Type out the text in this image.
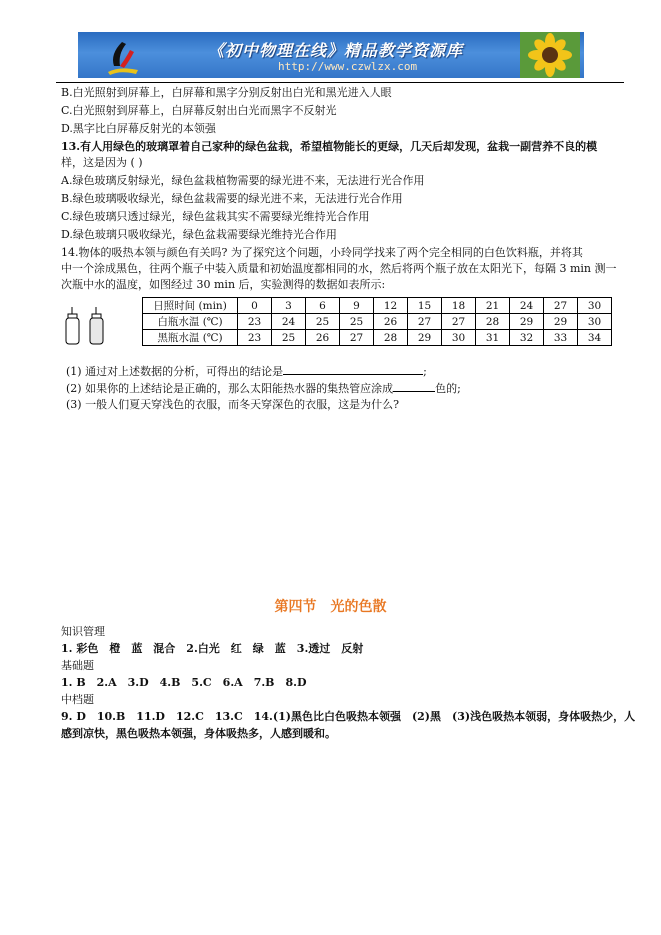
《初中物理在线》精品教学资源库
http://www.czwlzx.com
B.白光照射到屏幕上，白屏幕和黑字分别反射出白光和黑光进入人眼
C.白光照射到屏幕上，白屏幕反射出白光而黑字不反射光
D.黑字比白屏幕反射光的本领强
13.有人用绿色的玻璃罩着自己家种的绿色盆栽，希望植物能长的更绿，几天后却发现，盆栽一副营养不良的模
样，这是因为 ( )
A.绿色玻璃反射绿光，绿色盆栽植物需要的绿光进不来，无法进行光合作用
B.绿色玻璃吸收绿光，绿色盆栽需要的绿光进不来，无法进行光合作用
C.绿色玻璃只透过绿光，绿色盆栽其实不需要绿光维持光合作用
D.绿色玻璃只吸收绿光，绿色盆栽需要绿光维持光合作用
14.物体的吸热本领与颜色有关吗? 为了探究这个问题，小玲同学找来了两个完全相同的白色饮料瓶，并将其
中一个涂成黑色，往两个瓶子中装入质量和初始温度都相同的水，然后将两个瓶子放在太阳光下，每隔 3 min 测一
次瓶中水的温度，如图经过 30 min 后，实验测得的数据如表所示:
日照时间 (min)	0	3	6	9	12	15	18	21	24	27	30
白瓶水温 (℃)	23	24	25	25	26	27	27	28	29	29	30
黑瓶水温 (℃)	23	25	26	27	28	29	30	31	32	33	34
(1) 通过对上述数据的分析，可得出的结论是	;
(2) 如果你的上述结论是正确的，那么太阳能热水器的集热管应涂成	色的;
(3) 一般人们夏天穿浅色的衣服，而冬天穿深色的衣服，这是为什么?
第四节　光的色散
知识管理
1. 彩色　橙　蓝　混合　2.白光　红　绿　蓝　3.透过　反射
基础题
1. B　2.A　3.D　4.B　5.C　6.A　7.B　8.D
中档题
9. D　10.B　11.D　12.C　13.C　14.(1)黑色比白色吸热本领强　(2)黑　(3)浅色吸热本领弱，身体吸热少，人
感到凉快，黑色吸热本领强，身体吸热多，人感到暖和。
